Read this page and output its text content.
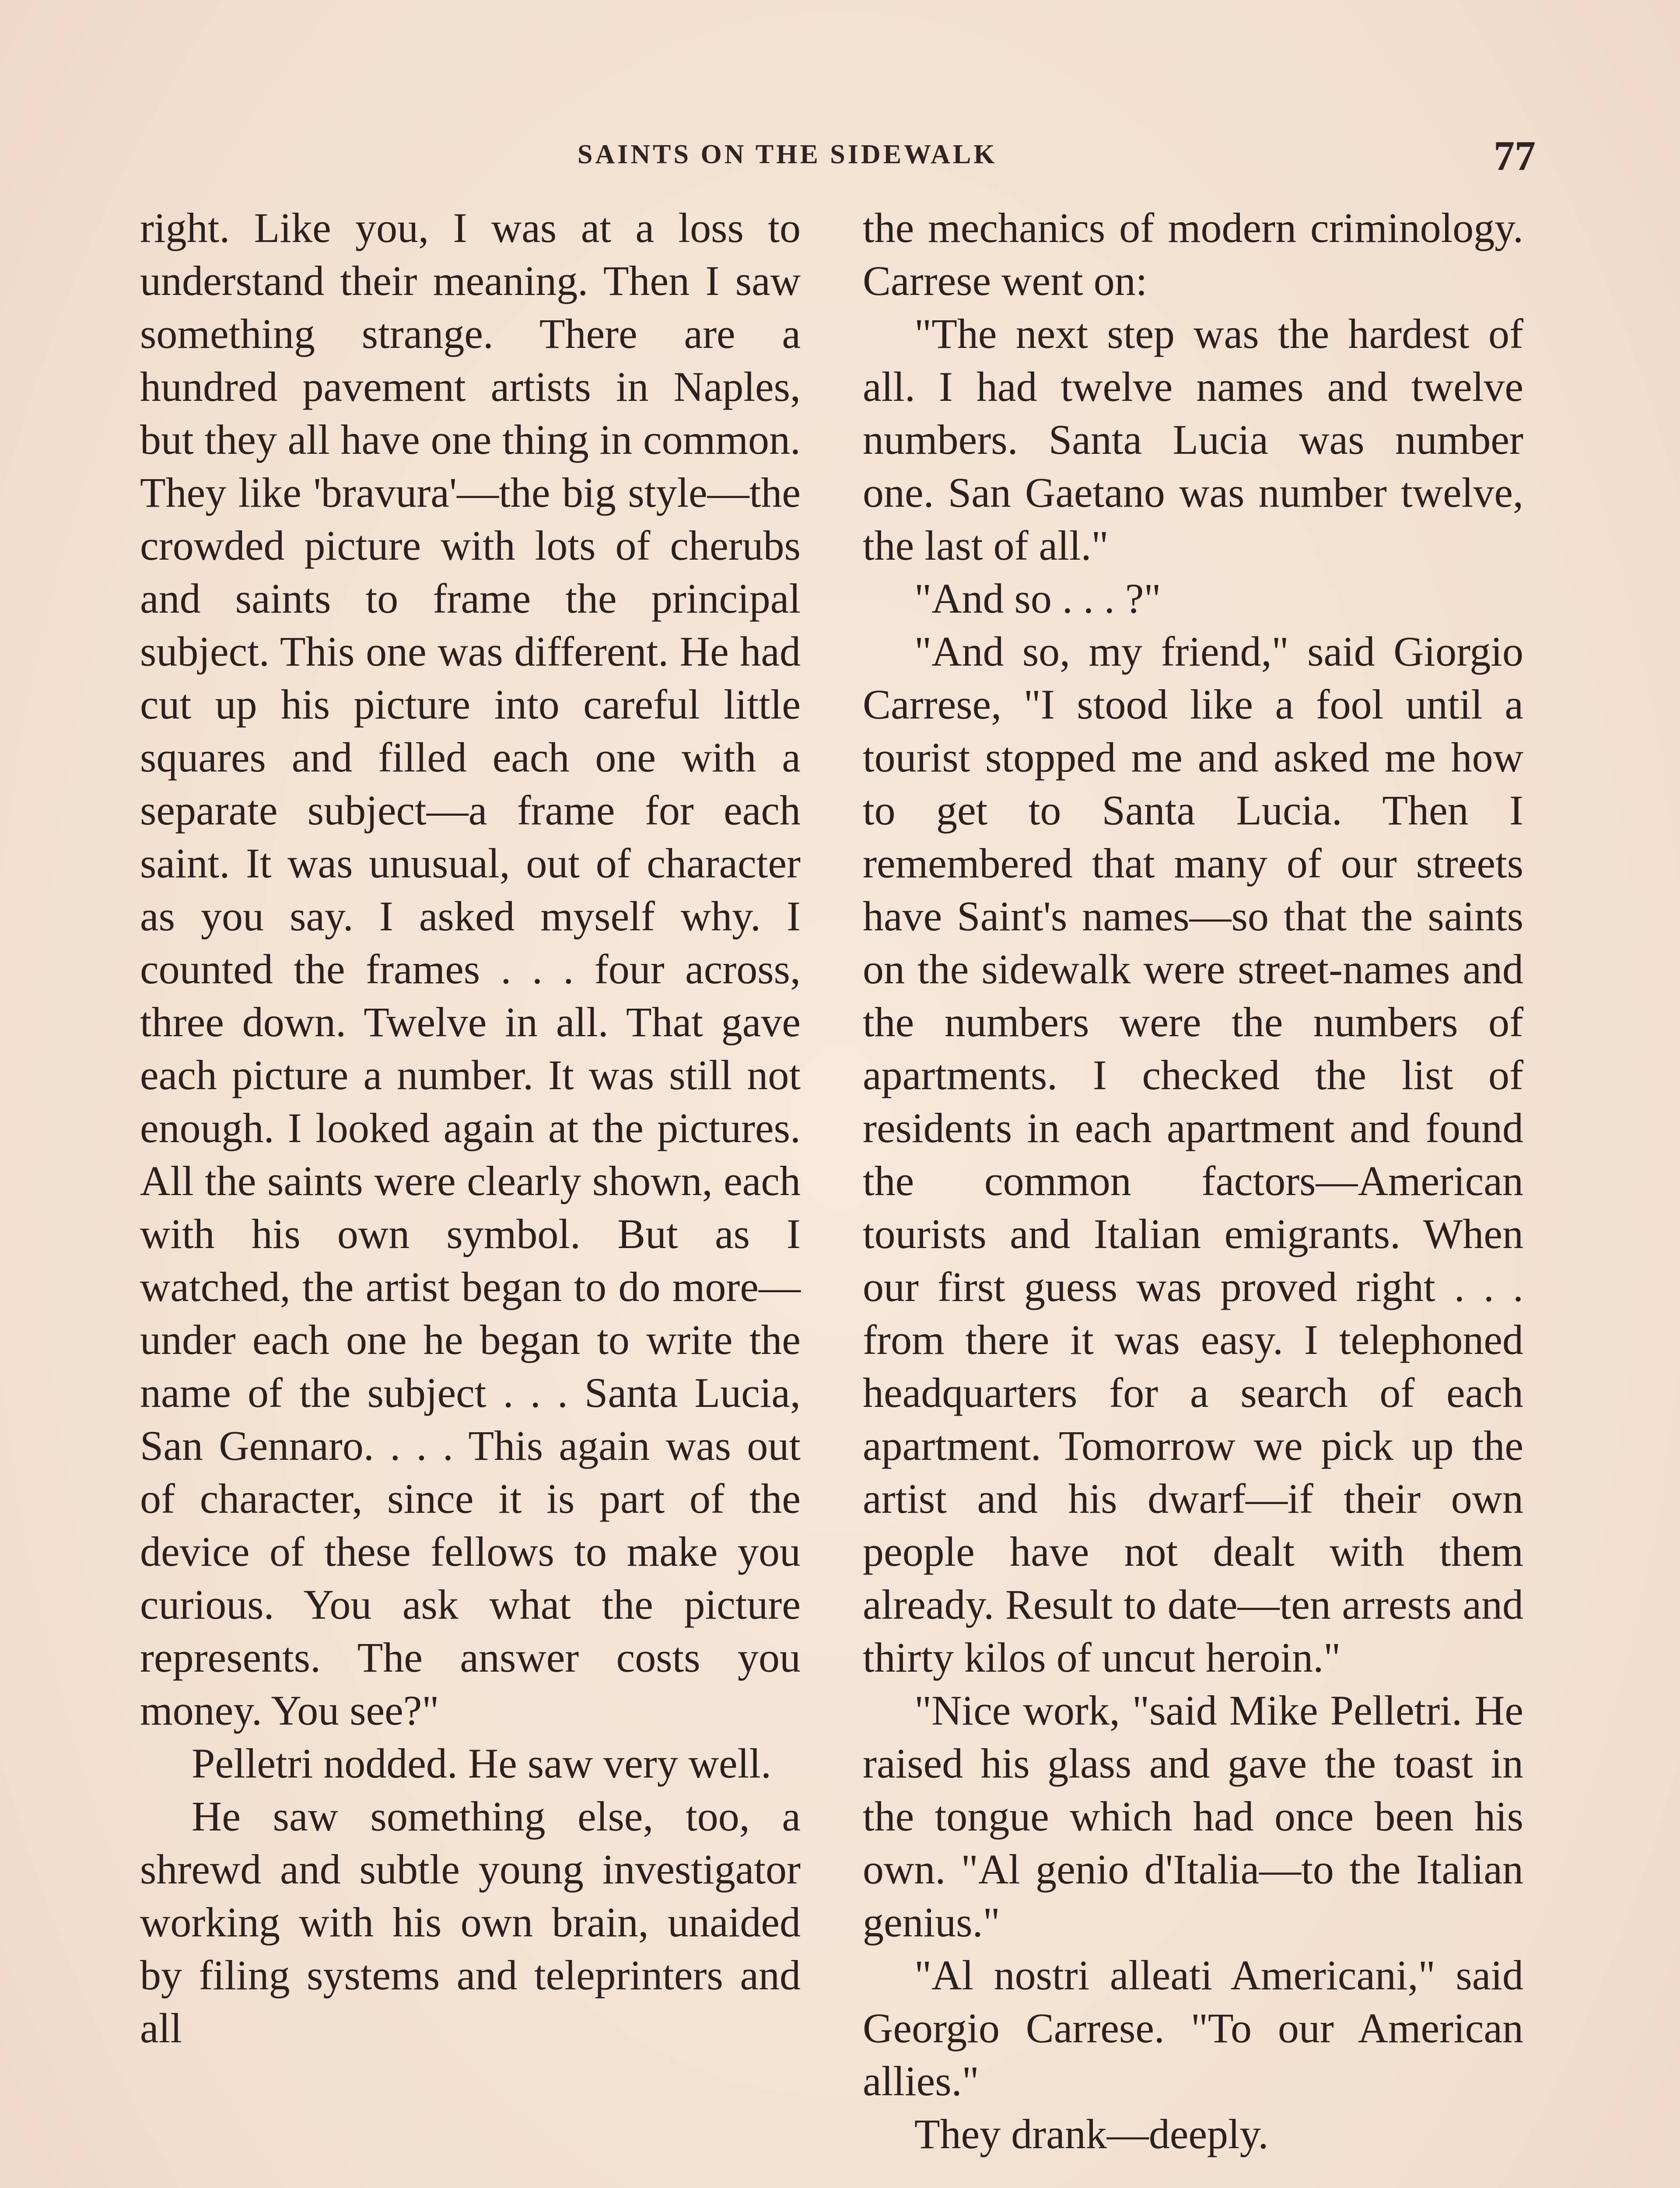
SAINTS ON THE SIDEWALK	77

right. Like you, I was at a loss to understand their meaning. Then I saw something strange. There are a hundred pavement artists in Naples, but they all have one thing in common. They like 'bravura'—the big style—the crowded picture with lots of cherubs and saints to frame the principal subject. This one was different. He had cut up his picture into careful little squares and filled each one with a separate subject—a frame for each saint. It was unusual, out of character as you say. I asked myself why. I counted the frames . . . four across, three down. Twelve in all. That gave each picture a number. It was still not enough. I looked again at the pictures. All the saints were clearly shown, each with his own symbol. But as I watched, the artist began to do more—under each one he began to write the name of the subject . . . Santa Lucia, San Gennaro. . . . This again was out of character, since it is part of the device of these fellows to make you curious. You ask what the picture represents. The answer costs you money. You see?"

Pelletri nodded. He saw very well.

He saw something else, too, a shrewd and subtle young investigator working with his own brain, unaided by filing systems and teleprinters and all

the mechanics of modern criminology. Carrese went on:

"The next step was the hardest of all. I had twelve names and twelve numbers. Santa Lucia was number one. San Gaetano was number twelve, the last of all."

"And so . . . ?"

"And so, my friend," said Giorgio Carrese, "I stood like a fool until a tourist stopped me and asked me how to get to Santa Lucia. Then I remembered that many of our streets have Saint's names—so that the saints on the sidewalk were street-names and the numbers were the numbers of apartments. I checked the list of residents in each apartment and found the common factors—American tourists and Italian emigrants. When our first guess was proved right . . . from there it was easy. I telephoned headquarters for a search of each apartment. Tomorrow we pick up the artist and his dwarf—if their own people have not dealt with them already. Result to date—ten arrests and thirty kilos of uncut heroin."

"Nice work, "said Mike Pelletri. He raised his glass and gave the toast in the tongue which had once been his own. "Al genio d'Italia—to the Italian genius."

"Al nostri alleati Americani," said Georgio Carrese. "To our American allies."

They drank—deeply.
